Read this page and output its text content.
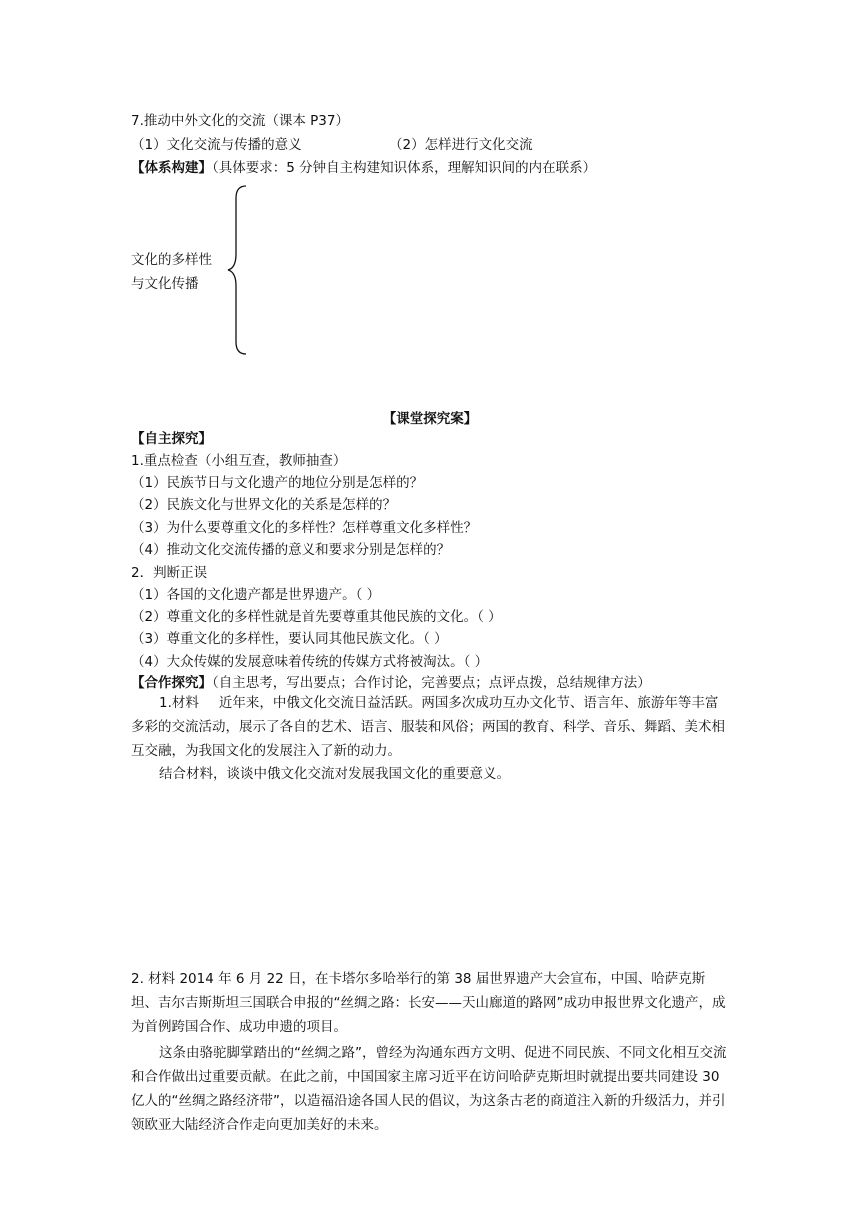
7.推动中外文化的交流（课本 P37）
（1）文化交流与传播的意义	（2）怎样进行文化交流
【体系构建】（具体要求：5 分钟自主构建知识体系，理解知识间的内在联系）
文化的多样性
与文化传播
【课堂探究案】
【自主探究】
1.重点检查（小组互查，教师抽查）
（1）民族节日与文化遗产的地位分别是怎样的？
（2）民族文化与世界文化的关系是怎样的？
（3）为什么要尊重文化的多样性？怎样尊重文化多样性？
（4）推动文化交流传播的意义和要求分别是怎样的？
2．判断正误
（1）各国的文化遗产都是世界遗产。（ ）
（2）尊重文化的多样性就是首先要尊重其他民族的文化。（ ）
（3）尊重文化的多样性，要认同其他民族文化。（ ）
（4）大众传媒的发展意味着传统的传媒方式将被淘汰。（ ）
【合作探究】（自主思考，写出要点；合作讨论，完善要点；点评点拨，总结规律方法）
1.材料 近年来，中俄文化交流日益活跃。两国多次成功互办文化节、语言年、旅游年等丰富多彩的交流活动，展示了各自的艺术、语言、服装和风俗；两国的教育、科学、音乐、舞蹈、美术相互交融，为我国文化的发展注入了新的动力。
结合材料，谈谈中俄文化交流对发展我国文化的重要意义。
2. 材料 2014 年 6 月 22 日，在卡塔尔多哈举行的第 38 届世界遗产大会宣布，中国、哈萨克斯坦、吉尔吉斯斯坦三国联合申报的“丝绸之路：长安——天山廊道的路网”成功申报世界文化遗产，成为首例跨国合作、成功申遗的项目。
这条由骆驼脚掌踏出的“丝绸之路”，曾经为沟通东西方文明、促进不同民族、不同文化相互交流和合作做出过重要贡献。在此之前，中国国家主席习近平在访问哈萨克斯坦时就提出要共同建设 30 亿人的“丝绸之路经济带”，以造福沿途各国人民的倡议，为这条古老的商道注入新的升级活力，并引领欧亚大陆经济合作走向更加美好的未来。
